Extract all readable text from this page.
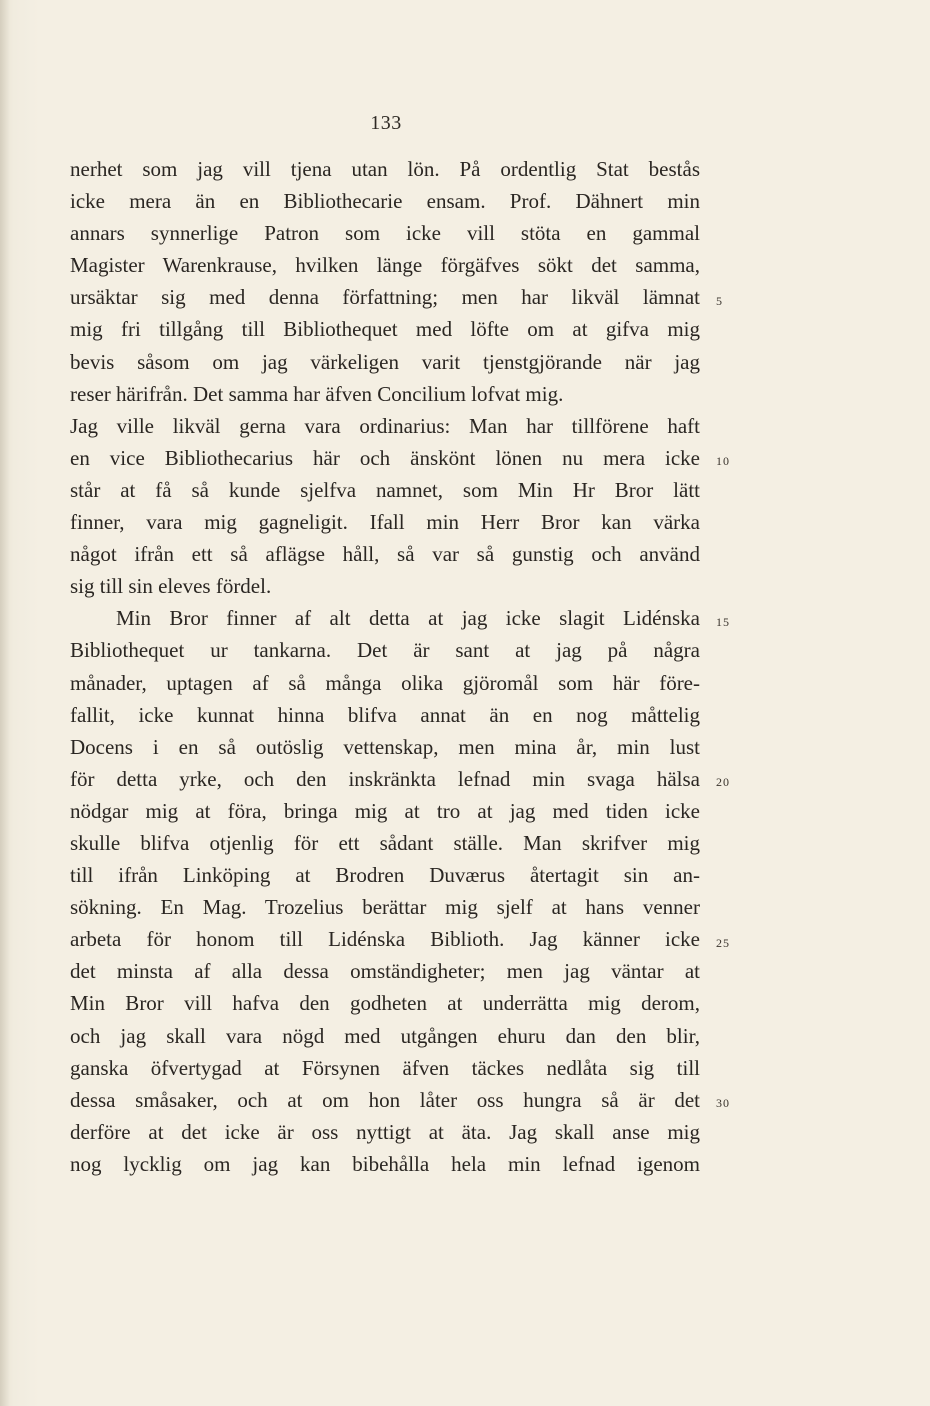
133
nerhet som jag vill tjena utan lön. På ordentlig Stat bestås
icke mera än en Bibliothecarie ensam. Prof. Dähnert min
annars synnerlige Patron som icke vill stöta en gammal
Magister Warenkrause, hvilken länge förgäfves sökt det samma,
ursäktar sig med denna författning; men har likväl lämnat
mig fri tillgång till Bibliothequet med löfte om at gifva mig
bevis såsom om jag värkeligen varit tjenstgjörande när jag
reser härifrån. Det samma har äfven Concilium lofvat mig.
Jag ville likväl gerna vara ordinarius: Man har tillförene haft
en vice Bibliothecarius här och änskönt lönen nu mera icke
står at få så kunde sjelfva namnet, som Min Hr Bror lätt
finner, vara mig gagneligit. Ifall min Herr Bror kan värka
något ifrån ett så aflägse håll, så var så gunstig och använd
sig till sin eleves fördel.
Min Bror finner af alt detta at jag icke slagit Lidénska
Bibliothequet ur tankarna. Det är sant at jag på några
månader, uptagen af så många olika gjöromål som här före-
fallit, icke kunnat hinna blifva annat än en nog måttelig
Docens i en så outöslig vettenskap, men mina år, min lust
för detta yrke, och den inskränkta lefnad min svaga hälsa
nödgar mig at föra, bringa mig at tro at jag med tiden icke
skulle blifva otjenlig för ett sådant ställe. Man skrifver mig
till ifrån Linköping at Brodren Duværus återtagit sin an-
sökning. En Mag. Trozelius berättar mig sjelf at hans venner
arbeta för honom till Lidénska Biblioth. Jag känner icke
det minsta af alla dessa omständigheter; men jag väntar at
Min Bror vill hafva den godheten at underrätta mig derom,
och jag skall vara nögd med utgången ehuru dan den blir,
ganska öfvertygad at Försynen äfven täckes nedlåta sig till
dessa småsaker, och at om hon låter oss hungra så är det
derföre at det icke är oss nyttigt at äta. Jag skall anse mig
nog lycklig om jag kan bibehålla hela min lefnad igenom
5
10
15
20
25
30
